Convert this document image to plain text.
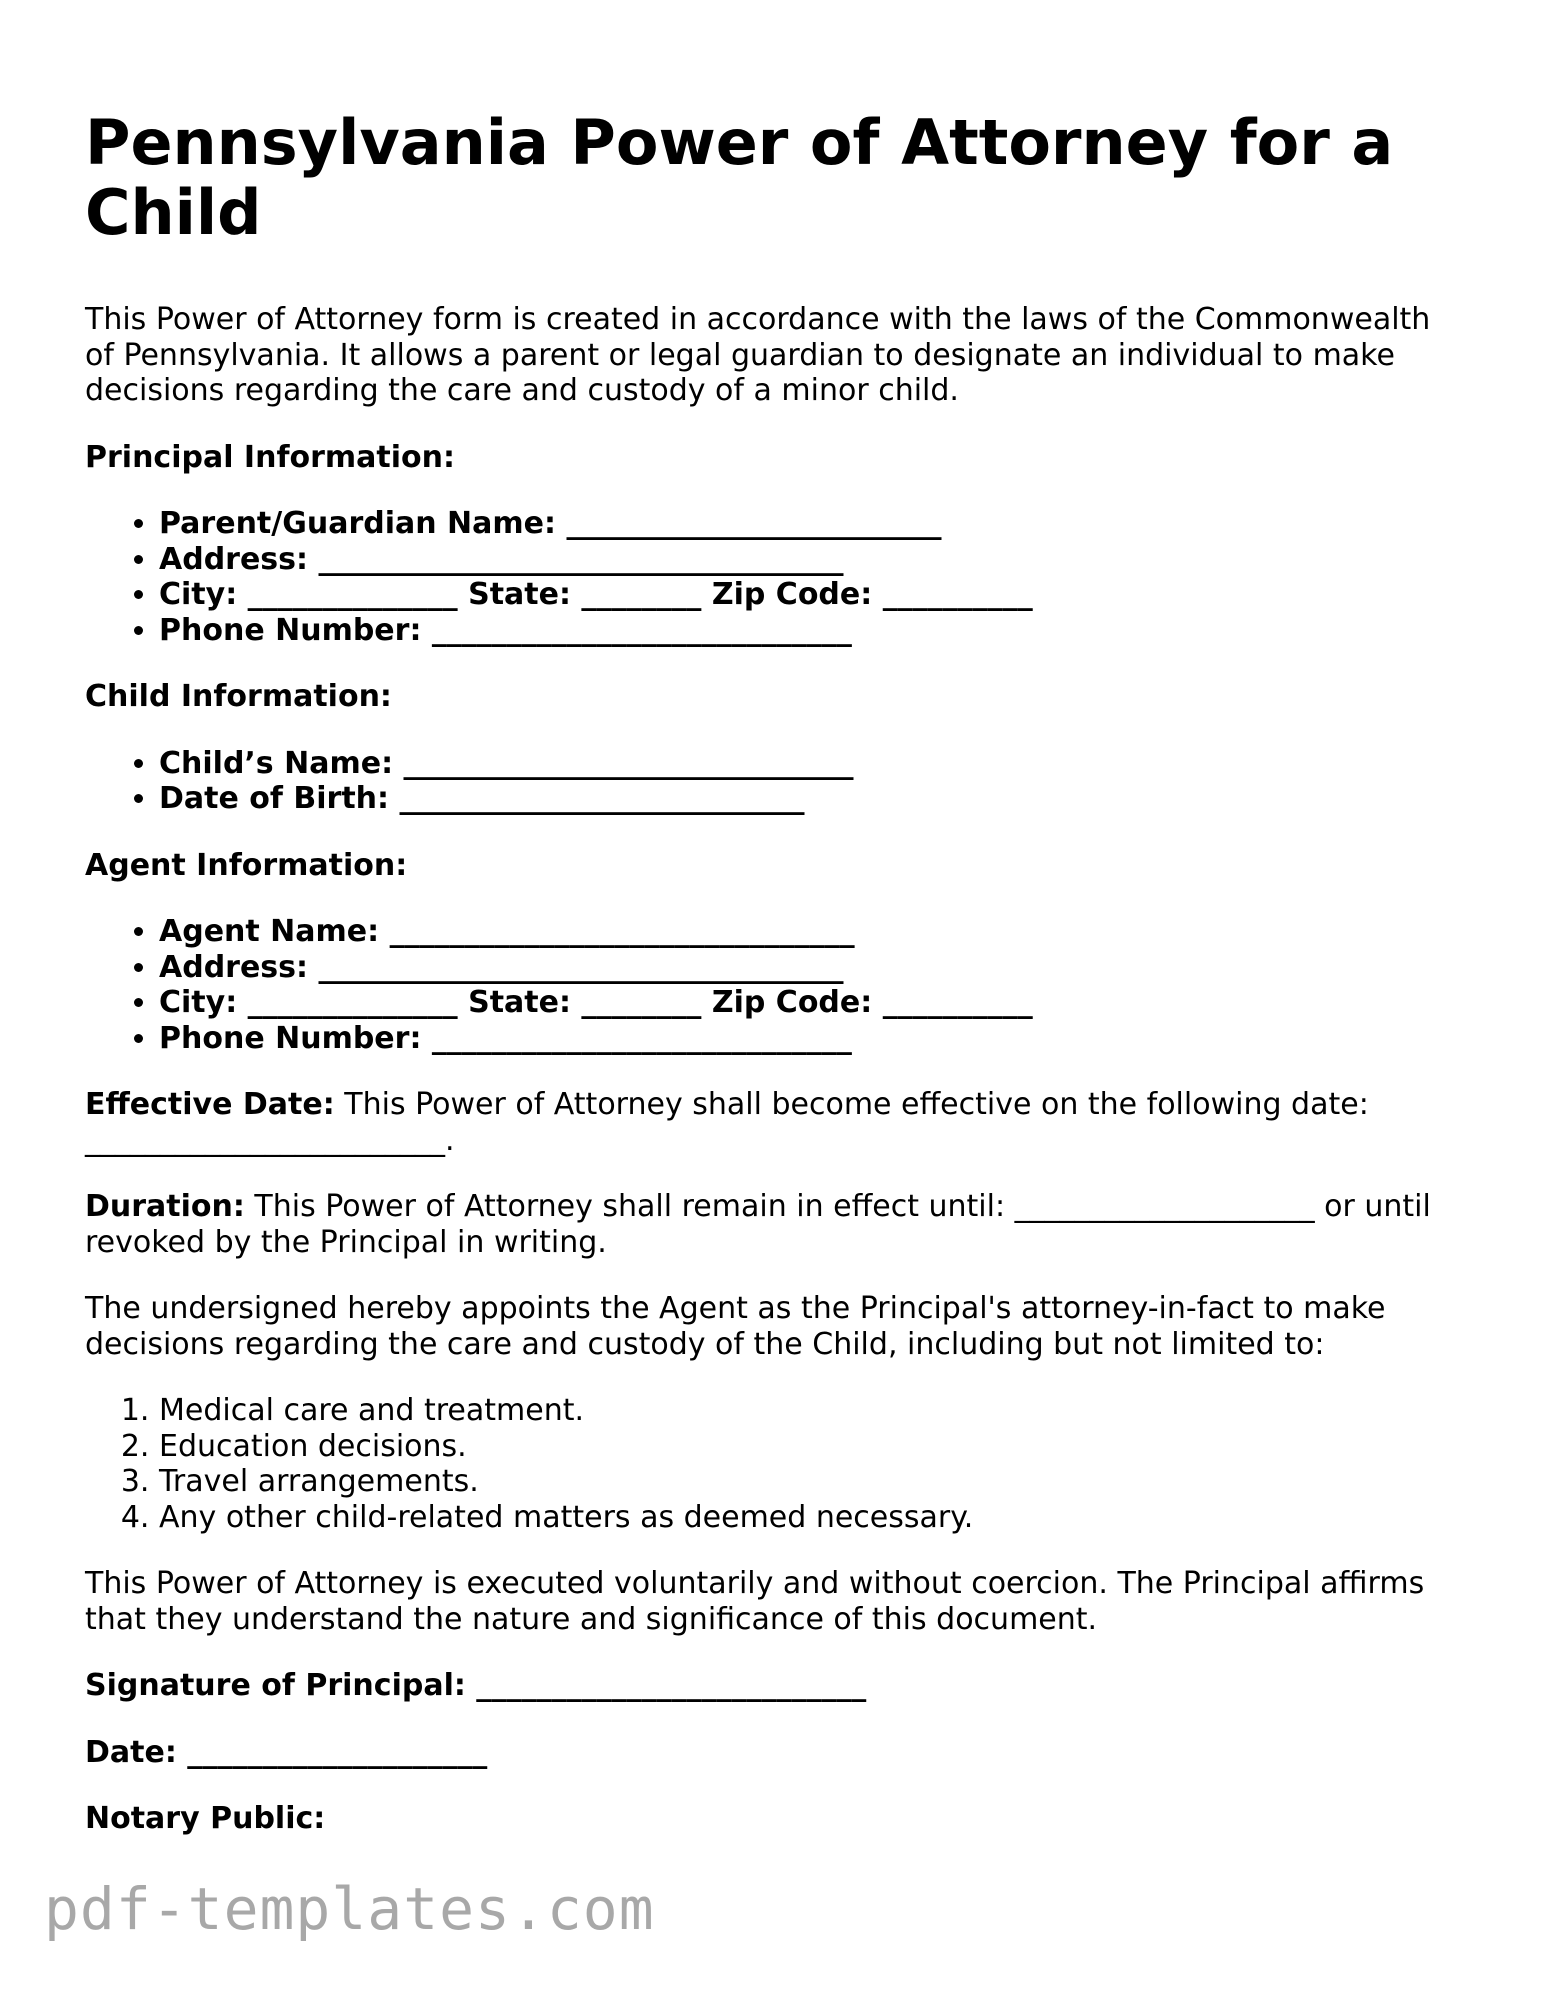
Pennsylvania Power of Attorney for a Child

This Power of Attorney form is created in accordance with the laws of the Commonwealth of Pennsylvania. It allows a parent or legal guardian to designate an individual to make decisions regarding the care and custody of a minor child.

Principal Information:
• Parent/Guardian Name: _________________________
• Address: ___________________________________
• City: ______________ State: ________ Zip Code: __________
• Phone Number: ____________________________
Child Information:
• Child’s Name: ______________________________
• Date of Birth: ___________________________
Agent Information:
• Agent Name: _______________________________
• Address: ___________________________________
• City: ______________ State: ________ Zip Code: __________
• Phone Number: ____________________________

Effective Date: This Power of Attorney shall become effective on the following date: ________________________.

Duration: This Power of Attorney shall remain in effect until: ____________________ or until revoked by the Principal in writing.

The undersigned hereby appoints the Agent as the Principal's attorney-in-fact to make decisions regarding the care and custody of the Child, including but not limited to:

1. Medical care and treatment.
2. Education decisions.
3. Travel arrangements.
4. Any other child-related matters as deemed necessary.

This Power of Attorney is executed voluntarily and without coercion. The Principal affirms that they understand the nature and significance of this document.

Signature of Principal: __________________________
Date: ____________________
Notary Public:
pdf-templates.com
